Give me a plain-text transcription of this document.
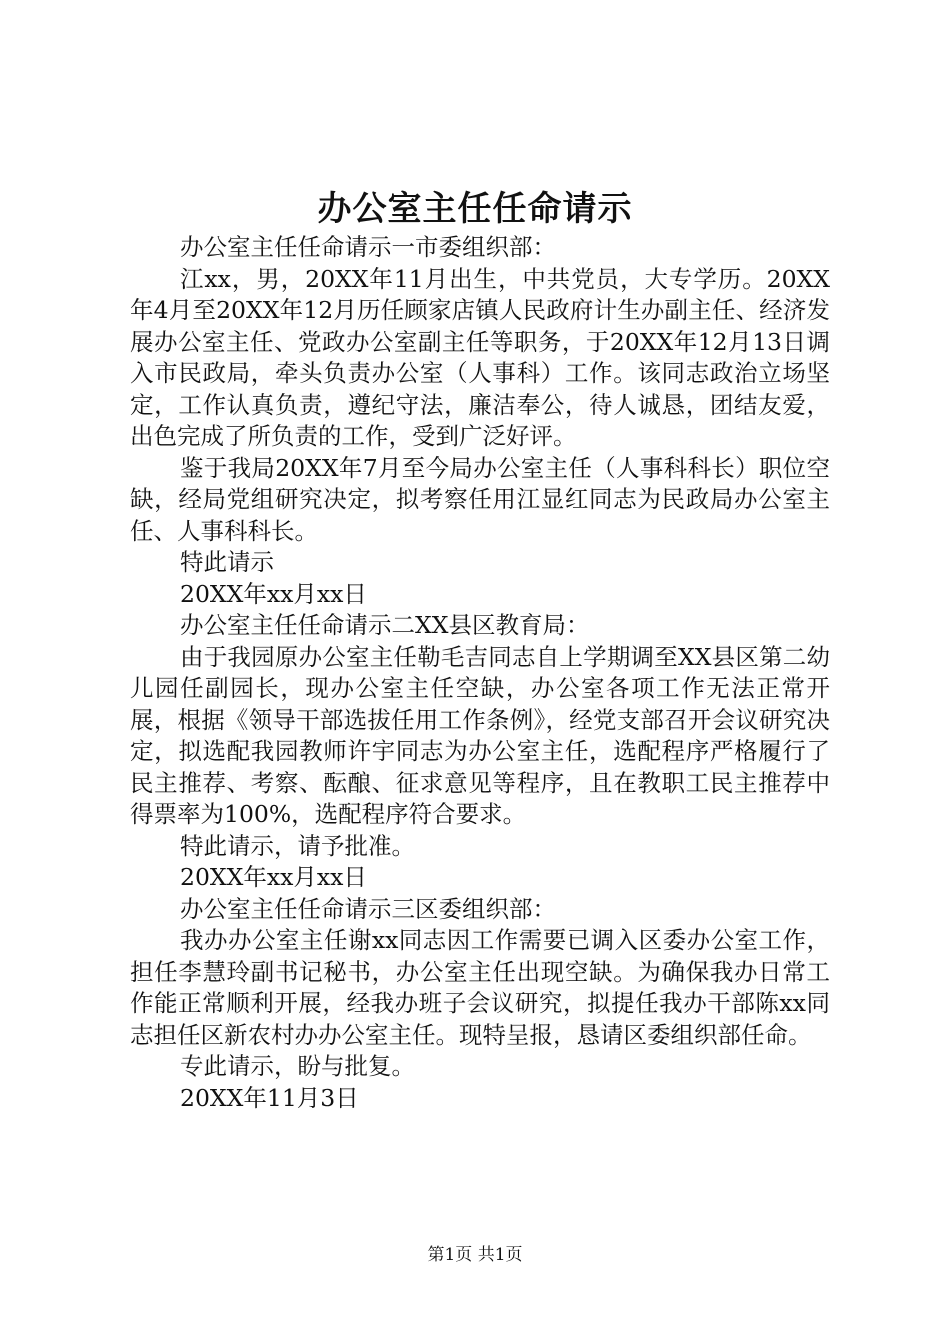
办公室主任任命请示

办公室主任任命请示一市委组织部：

江xx，男，20XX年11月出生，中共党员，大专学历。20XX年4月至20XX年12月历任顾家店镇人民政府计生办副主任、经济发展办公室主任、党政办公室副主任等职务，于20XX年12月13日调入市民政局，牵头负责办公室（人事科）工作。该同志政治立场坚定，工作认真负责，遵纪守法，廉洁奉公，待人诚恳，团结友爱，出色完成了所负责的工作，受到广泛好评。

鉴于我局20XX年7月至今局办公室主任（人事科科长）职位空缺，经局党组研究决定，拟考察任用江显红同志为民政局办公室主任、人事科科长。

特此请示

20XX年xx月xx日

办公室主任任命请示二XX县区教育局：

由于我园原办公室主任勒毛吉同志自上学期调至XX县区第二幼儿园任副园长，现办公室主任空缺，办公室各项工作无法正常开展，根据《领导干部选拔任用工作条例》，经党支部召开会议研究决定，拟选配我园教师许宇同志为办公室主任，选配程序严格履行了民主推荐、考察、酝酿、征求意见等程序，且在教职工民主推荐中得票率为100%，选配程序符合要求。

特此请示，请予批准。

20XX年xx月xx日

办公室主任任命请示三区委组织部：

我办办公室主任谢xx同志因工作需要已调入区委办公室工作，担任李慧玲副书记秘书，办公室主任出现空缺。为确保我办日常工作能正常顺利开展，经我办班子会议研究，拟提任我办干部陈xx同志担任区新农村办办公室主任。现特呈报，恳请区委组织部任命。

专此请示，盼与批复。

20XX年11月3日

第1页 共1页
